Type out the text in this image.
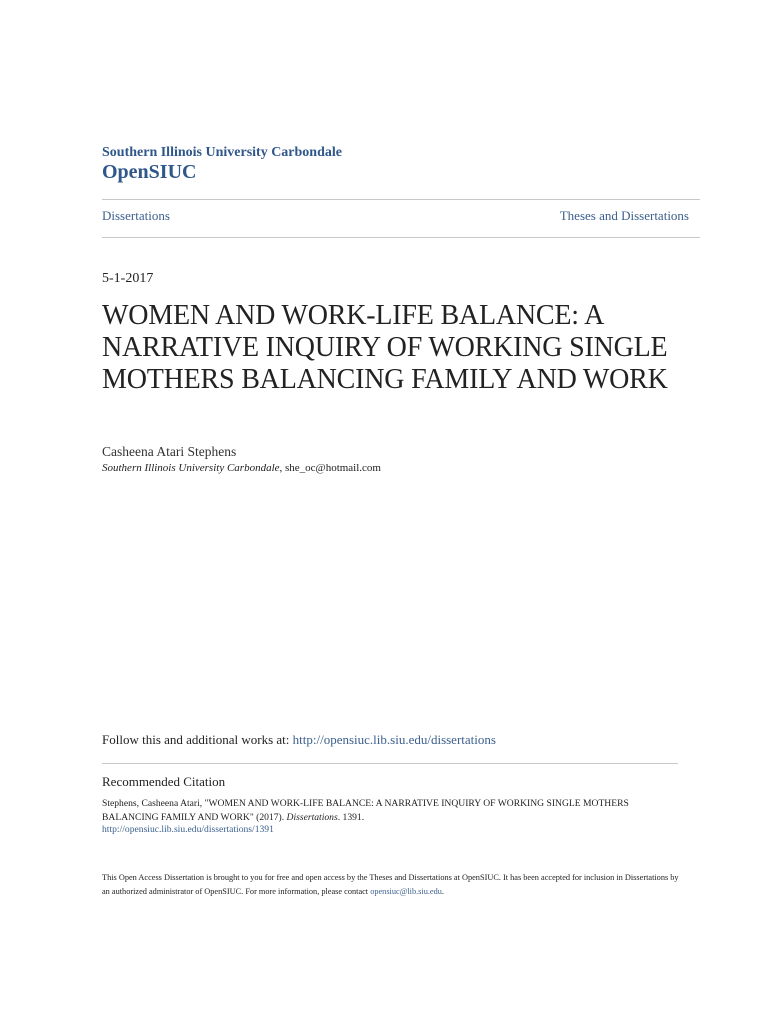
Southern Illinois University Carbondale
OpenSIUC
Dissertations	Theses and Dissertations
5-1-2017
WOMEN AND WORK-LIFE BALANCE: A NARRATIVE INQUIRY OF WORKING SINGLE MOTHERS BALANCING FAMILY AND WORK
Casheena Atari Stephens
Southern Illinois University Carbondale, she_oc@hotmail.com
Follow this and additional works at: http://opensiuc.lib.siu.edu/dissertations
Recommended Citation
Stephens, Casheena Atari, "WOMEN AND WORK-LIFE BALANCE: A NARRATIVE INQUIRY OF WORKING SINGLE MOTHERS BALANCING FAMILY AND WORK" (2017). Dissertations. 1391.
http://opensiuc.lib.siu.edu/dissertations/1391
This Open Access Dissertation is brought to you for free and open access by the Theses and Dissertations at OpenSIUC. It has been accepted for inclusion in Dissertations by an authorized administrator of OpenSIUC. For more information, please contact opensiuc@lib.siu.edu.
